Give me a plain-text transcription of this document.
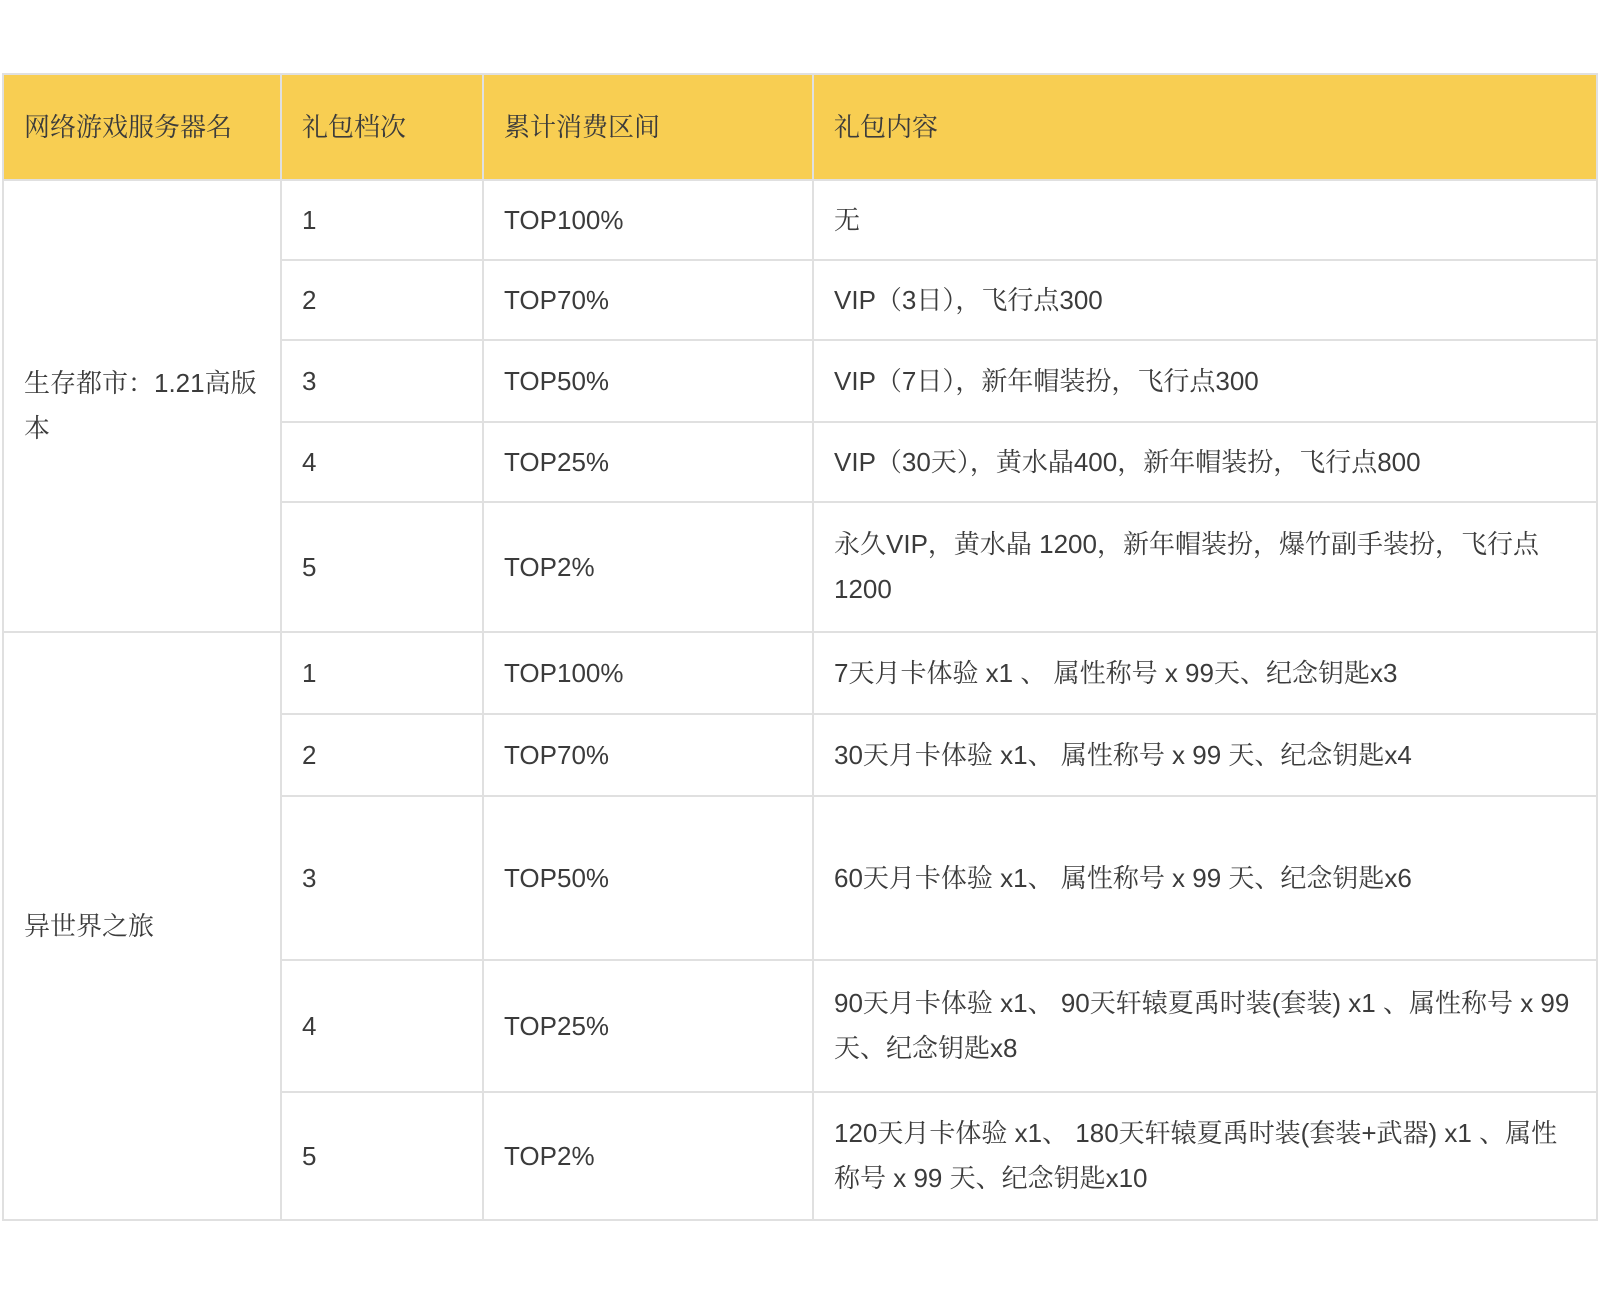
网络游戏服务器名	礼包档次	累计消费区间	礼包内容
生存都市：1.21高版本	1	TOP100%	无
	2	TOP70%	VIP（3日），飞行点300
	3	TOP50%	VIP（7日），新年帽装扮，飞行点300
	4	TOP25%	VIP（30天），黄水晶400，新年帽装扮，飞行点800
	5	TOP2%	永久VIP，黄水晶 1200，新年帽装扮，爆竹副手装扮，飞行点1200
异世界之旅	1	TOP100%	7天月卡体验 x1 、 属性称号 x 99天、纪念钥匙x3
	2	TOP70%	30天月卡体验 x1、 属性称号 x 99 天、纪念钥匙x4
	3	TOP50%	60天月卡体验 x1、 属性称号 x 99 天、纪念钥匙x6
	4	TOP25%	90天月卡体验 x1、 90天轩辕夏禹时装(套装) x1 、属性称号 x 99 天、纪念钥匙x8
	5	TOP2%	120天月卡体验 x1、 180天轩辕夏禹时装(套装+武器) x1 、属性称号 x 99 天、纪念钥匙x10
